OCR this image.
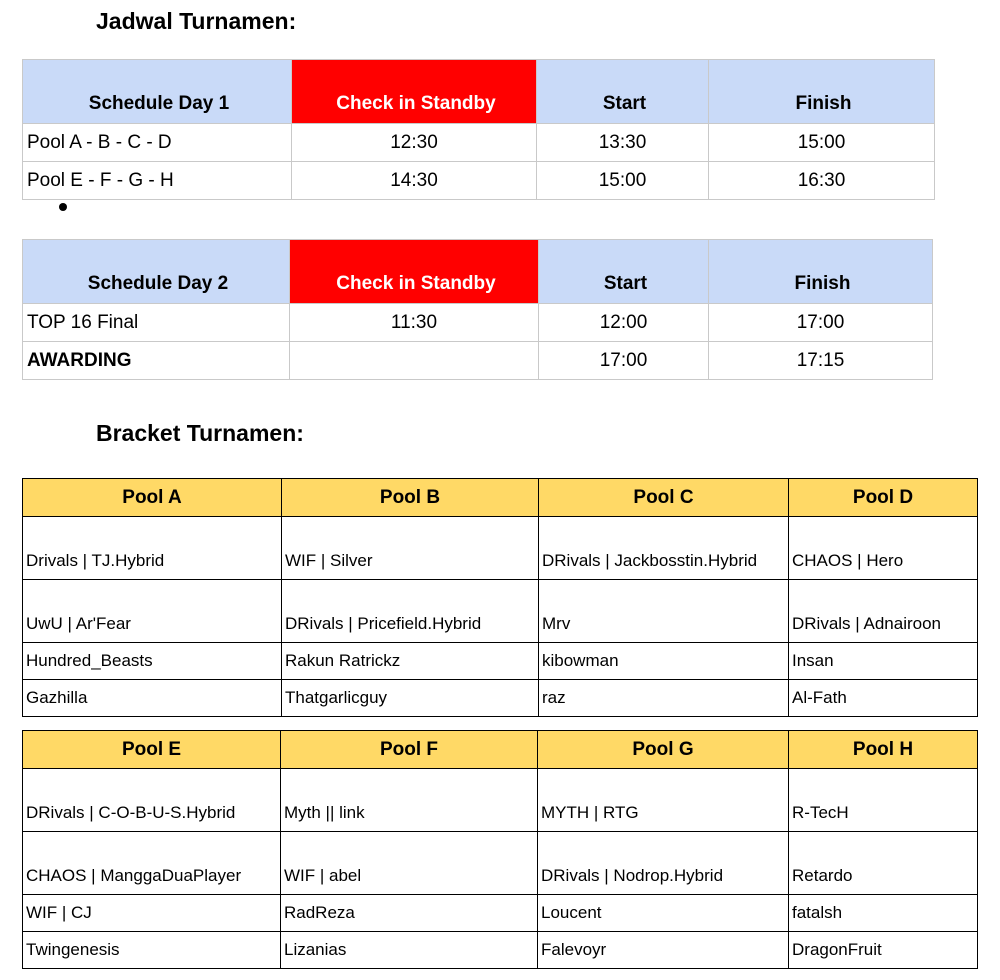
Jadwal Turnamen:
Schedule Day 1	Check in Standby	Start	Finish
Pool A - B - C - D	12:30	13:30	15:00
Pool E - F - G - H	14:30	15:00	16:30
Schedule Day 2	Check in Standby	Start	Finish
TOP 16 Final	11:30	12:00	17:00
AWARDING		17:00	17:15
Bracket Turnamen:
Pool A	Pool B	Pool C	Pool D
Drivals | TJ.Hybrid	WIF | Silver	DRivals | Jackbosstin.Hybrid	CHAOS | Hero
UwU | Ar'Fear	DRivals | Pricefield.Hybrid	Mrv	DRivals | Adnairoon
Hundred_Beasts	Rakun Ratrickz	kibowman	Insan
Gazhilla	Thatgarlicguy	raz	Al-Fath
Pool E	Pool F	Pool G	Pool H
DRivals | C-O-B-U-S.Hybrid	Myth || link	MYTH | RTG	R-TecH
CHAOS | ManggaDuaPlayer	WIF | abel	DRivals | Nodrop.Hybrid	Retardo
WIF | CJ	RadReza	Loucent	fatalsh
Twingenesis	Lizanias	Falevoyr	DragonFruit
